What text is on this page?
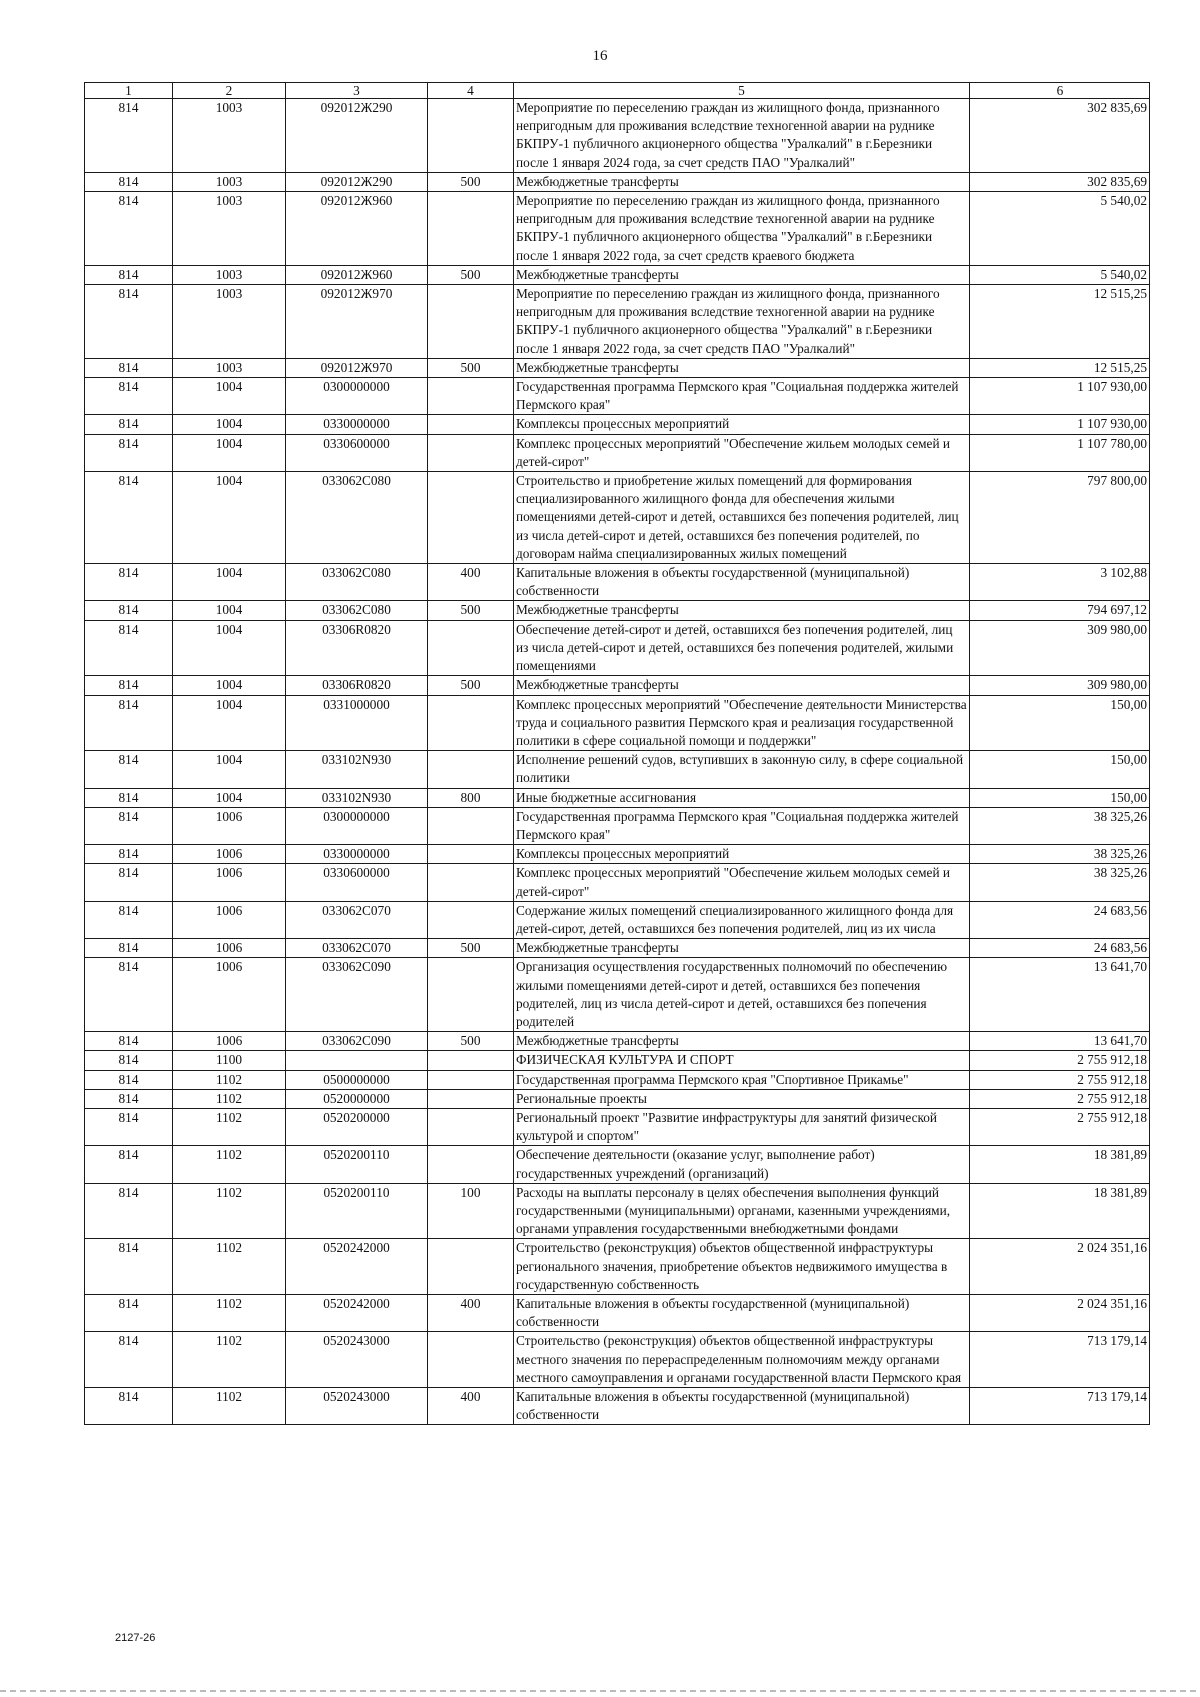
16
1	2	3	4	5	6
814	1003	092012Ж290		Мероприятие по переселению граждан из жилищного фонда, признанного непригодным для проживания вследствие техногенной аварии на руднике БКПРУ-1 публичного акционерного общества "Уралкалий" в г.Березники после 1 января 2024 года, за счет средств ПАО "Уралкалий"	302 835,69
814	1003	092012Ж290	500	Межбюджетные трансферты	302 835,69
814	1003	092012Ж960		Мероприятие по переселению граждан из жилищного фонда, признанного непригодным для проживания вследствие техногенной аварии на руднике БКПРУ-1 публичного акционерного общества "Уралкалий" в г.Березники после 1 января 2022 года, за счет средств краевого бюджета	5 540,02
814	1003	092012Ж960	500	Межбюджетные трансферты	5 540,02
814	1003	092012Ж970		Мероприятие по переселению граждан из жилищного фонда, признанного непригодным для проживания вследствие техногенной аварии на руднике БКПРУ-1 публичного акционерного общества "Уралкалий" в г.Березники после 1 января 2022 года, за счет средств ПАО "Уралкалий"	12 515,25
814	1003	092012Ж970	500	Межбюджетные трансферты	12 515,25
814	1004	0300000000		Государственная программа Пермского края "Социальная поддержка жителей Пермского края"	1 107 930,00
814	1004	0330000000		Комплексы процессных мероприятий	1 107 930,00
814	1004	0330600000		Комплекс процессных мероприятий "Обеспечение жильем молодых семей и детей-сирот"	1 107 780,00
814	1004	033062С080		Строительство и приобретение жилых помещений для формирования специализированного жилищного фонда для обеспечения жилыми помещениями детей-сирот и детей, оставшихся без попечения родителей, лиц из числа детей-сирот и детей, оставшихся без попечения родителей, по договорам найма специализированных жилых помещений	797 800,00
814	1004	033062С080	400	Капитальные вложения в объекты государственной (муниципальной) собственности	3 102,88
814	1004	033062С080	500	Межбюджетные трансферты	794 697,12
814	1004	03306R0820		Обеспечение детей-сирот и детей, оставшихся без попечения родителей, лиц из числа детей-сирот и детей, оставшихся без попечения родителей, жилыми помещениями	309 980,00
814	1004	03306R0820	500	Межбюджетные трансферты	309 980,00
814	1004	0331000000		Комплекс процессных мероприятий "Обеспечение деятельности Министерства труда и социального развития Пермского края и реализация государственной политики в сфере социальной помощи и поддержки"	150,00
814	1004	033102N930		Исполнение решений судов, вступивших в законную силу, в сфере социальной политики	150,00
814	1004	033102N930	800	Иные бюджетные ассигнования	150,00
814	1006	0300000000		Государственная программа Пермского края "Социальная поддержка жителей Пермского края"	38 325,26
814	1006	0330000000		Комплексы процессных мероприятий	38 325,26
814	1006	0330600000		Комплекс процессных мероприятий "Обеспечение жильем молодых семей и детей-сирот"	38 325,26
814	1006	033062С070		Содержание жилых помещений специализированного жилищного фонда для детей-сирот, детей, оставшихся без попечения родителей, лиц из их числа	24 683,56
814	1006	033062С070	500	Межбюджетные трансферты	24 683,56
814	1006	033062С090		Организация осуществления государственных полномочий по обеспечению жилыми помещениями детей-сирот и детей, оставшихся без попечения родителей, лиц из числа детей-сирот и детей, оставшихся без попечения родителей	13 641,70
814	1006	033062С090	500	Межбюджетные трансферты	13 641,70
814	1100			ФИЗИЧЕСКАЯ КУЛЬТУРА И СПОРТ	2 755 912,18
814	1102	0500000000		Государственная программа Пермского края "Спортивное Прикамье"	2 755 912,18
814	1102	0520000000		Региональные проекты	2 755 912,18
814	1102	0520200000		Региональный проект "Развитие инфраструктуры для занятий физической культурой и спортом"	2 755 912,18
814	1102	0520200110		Обеспечение деятельности (оказание услуг, выполнение работ) государственных учреждений (организаций)	18 381,89
814	1102	0520200110	100	Расходы на выплаты персоналу в целях обеспечения выполнения функций государственными (муниципальными) органами, казенными учреждениями, органами управления государственными внебюджетными фондами	18 381,89
814	1102	0520242000		Строительство (реконструкция) объектов общественной инфраструктуры регионального значения, приобретение объектов недвижимого имущества в государственную собственность	2 024 351,16
814	1102	0520242000	400	Капитальные вложения в объекты государственной (муниципальной) собственности	2 024 351,16
814	1102	0520243000		Строительство (реконструкция) объектов общественной инфраструктуры местного значения по перераспределенным полномочиям между органами местного самоуправления и органами государственной власти Пермского края	713 179,14
814	1102	0520243000	400	Капитальные вложения в объекты государственной (муниципальной) собственности	713 179,14
2127-26
